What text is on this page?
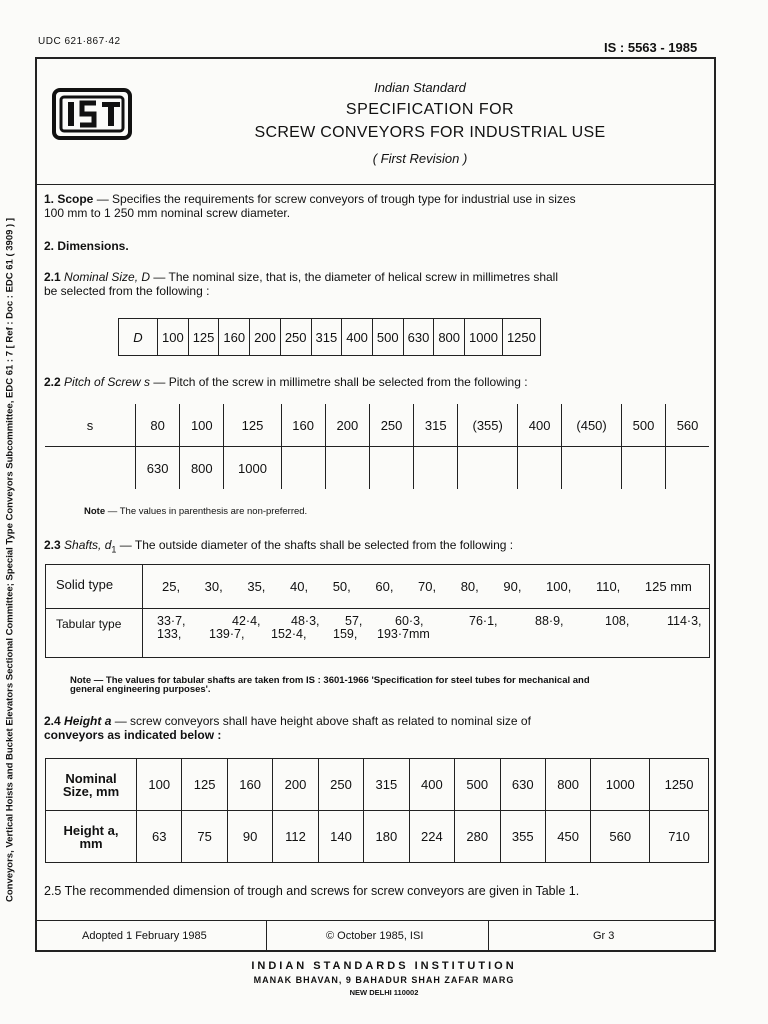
UDC 621·867·42	IS : 5563 - 1985
Indian Standard
SPECIFICATION FOR
SCREW CONVEYORS FOR INDUSTRIAL USE
( First Revision )
Conveyors, Vertical Hoists and Bucket Elevators Sectional Committee; Special Type Conveyors Subcommittee, EDC 61 : 7 [ Ref : Doc : EDC 61 ( 3909 ) ]
1. Scope — Specifies the requirements for screw conveyors of trough type for industrial use in sizes
100 mm to 1 250 mm nominal screw diameter.
2. Dimensions.
2.1 Nominal Size, D — The nominal size, that is, the diameter of helical screw in millimetres shall
be selected from the following :
D	100	125	160	200	250	315	400	500	630	800	1000	1250
2.2 Pitch of Screw s — Pitch of the screw in millimetre shall be selected from the following :
s	80	100	125	160	200	250	315	(355)	400	(450)	500	560
	630	800	1000									
Note — The values in parenthesis are non-preferred.
2.3 Shafts, $d_1$ — The outside diameter of the shafts shall be selected from the following :
Solid type	25, 30, 35, 40, 50, 60, 70, 80, 90, 100, 110, 125 mm
Tabular type	33·7,	42·4, 48·3, 57,	60·3,	76·1,	88·9,	108,	114·3,
133, 139·7, 152·4, 159, 193·7mm
Note — The values for tabular shafts are taken from IS : 3601-1966 'Specification for steel tubes for mechanical and
general engineering purposes'.
2.4 Height a — screw conveyors shall have height above shaft as related to nominal size of
conveyors as indicated below :
Nominal
Size, mm	100	125	160	200	250	315	400	500	630	800	1000	1250
Height a,
mm	63	75	90	112	140	180	224	280	355	450	560	710
2.5 The recommended dimension of trough and screws for screw conveyors are given in Table 1.
Adopted 1 February 1985	© October 1985, ISI	Gr 3
INDIAN STANDARDS INSTITUTION
MANAK BHAVAN, 9 BAHADUR SHAH ZAFAR MARG
NEW DELHI 110002
